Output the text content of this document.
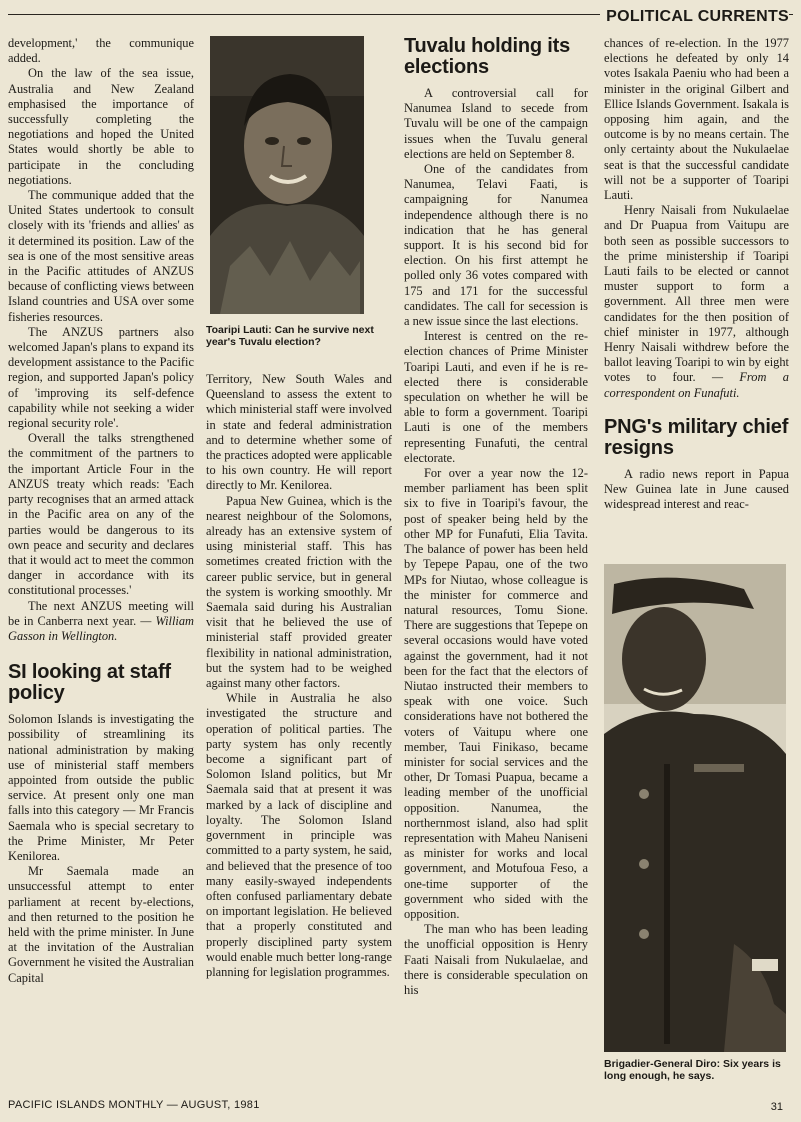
POLITICAL CURRENTS

development,' the communique added.

On the law of the sea issue, Australia and New Zealand emphasised the importance of successfully completing the negotiations and hoped the United States would shortly be able to participate in the concluding negotiations.

The communique added that the United States undertook to consult closely with its 'friends and allies' as it determined its position. Law of the sea is one of the most sensitive areas in the Pacific attitudes of ANZUS because of conflicting views between Island countries and USA over some fisheries resources.

The ANZUS partners also welcomed Japan's plans to expand its development assistance to the Pacific region, and supported Japan's policy of 'improving its self-defence capability while not seeking a wider regional security role'.

Overall the talks strengthened the commitment of the partners to the important Article Four in the ANZUS treaty which reads: 'Each party recognises that an armed attack in the Pacific area on any of the parties would be dangerous to its own peace and security and declares that it would act to meet the common danger in accordance with its constitutional processes.'

The next ANZUS meeting will be in Canberra next year. — William Gasson in Wellington.

SI looking at staff policy

Solomon Islands is investigating the possibility of streamlining its national administration by making use of ministerial staff members appointed from outside the public service. At present only one man falls into this category — Mr Francis Saemala who is special secretary to the Prime Minister, Mr Peter Kenilorea.

Mr Saemala made an unsuccessful attempt to enter parliament at recent by-elections, and then returned to the position he held with the prime minister. In June at the invitation of the Australian Government he visited the Australian Capital

Toaripi Lauti: Can he survive next year's Tuvalu election?

Territory, New South Wales and Queensland to assess the extent to which ministerial staff were involved in state and federal administration and to determine whether some of the practices adopted were applicable to his own country. He will report directly to Mr. Kenilorea.

Papua New Guinea, which is the nearest neighbour of the Solomons, already has an extensive system of using ministerial staff. This has sometimes created friction with the career public service, but in general the system is working smoothly. Mr Saemala said during his Australian visit that he believed the use of ministerial staff provided greater flexibility in national administration, but the system had to be weighed against many other factors.

While in Australia he also investigated the structure and operation of political parties. The party system has only recently become a significant part of Solomon Island politics, but Mr Saemala said that at present it was marked by a lack of discipline and loyalty. The Solomon Island government in principle was committed to a party system, he said, and believed that the presence of too many easily-swayed independents often confused parliamentary debate on important legislation. He believed that a properly constituted and properly disciplined party system would enable much better long-range planning for legislation programmes.

Tuvalu holding its elections

A controversial call for Nanumea Island to secede from Tuvalu will be one of the campaign issues when the Tuvalu general elections are held on September 8.

One of the candidates from Nanumea, Telavi Faati, is campaigning for Nanumea independence although there is no indication that he has general support. It is his second bid for election. On his first attempt he polled only 36 votes compared with 175 and 171 for the successful candidates. The call for secession is a new issue since the last elections.

Interest is centred on the re-election chances of Prime Minister Toaripi Lauti, and even if he is re-elected there is considerable speculation on whether he will be able to form a government. Toaripi Lauti is one of the members representing Funafuti, the central electorate.

For over a year now the 12-member parliament has been split six to five in Toaripi's favour, the post of speaker being held by the other MP for Funafuti, Elia Tavita. The balance of power has been held by Tepepe Papau, one of the two MPs for Niutao, whose colleague is the minister for commerce and natural resources, Tomu Sione. There are suggestions that Tepepe on several occasions would have voted against the government, had it not been for the fact that the electors of Niutao instructed their members to speak with one voice. Such considerations have not bothered the voters of Vaitupu where one member, Taui Finikaso, became minister for social services and the other, Dr Tomasi Puapua, became a leading member of the unofficial opposition. Nanumea, the northernmost island, also had split representation with Maheu Naniseni as minister for works and local government, and Motufoua Feso, a one-time supporter of the government who sided with the opposition.

The man who has been leading the unofficial opposition is Henry Faati Naisali from Nukulaelae, and there is considerable speculation on his

chances of re-election. In the 1977 elections he defeated by only 14 votes Isakala Paeniu who had been a minister in the original Gilbert and Ellice Islands Government. Isakala is opposing him again, and the outcome is by no means certain. The only certainty about the Nukulaelae seat is that the successful candidate will not be a supporter of Toaripi Lauti.

Henry Naisali from Nukulaelae and Dr Puapua from Vaitupu are both seen as possible successors to the prime ministership if Toaripi Lauti fails to be elected or cannot muster support to form a government. All three men were candidates for the then position of chief minister in 1977, although Henry Naisali withdrew before the ballot leaving Toaripi to win by eight votes to four. — From a correspondent on Funafuti.

PNG's military chief resigns

A radio news report in Papua New Guinea late in June caused widespread interest and reac-

Brigadier-General Diro: Six years is long enough, he says.
PACIFIC ISLANDS MONTHLY — AUGUST, 1981	31
